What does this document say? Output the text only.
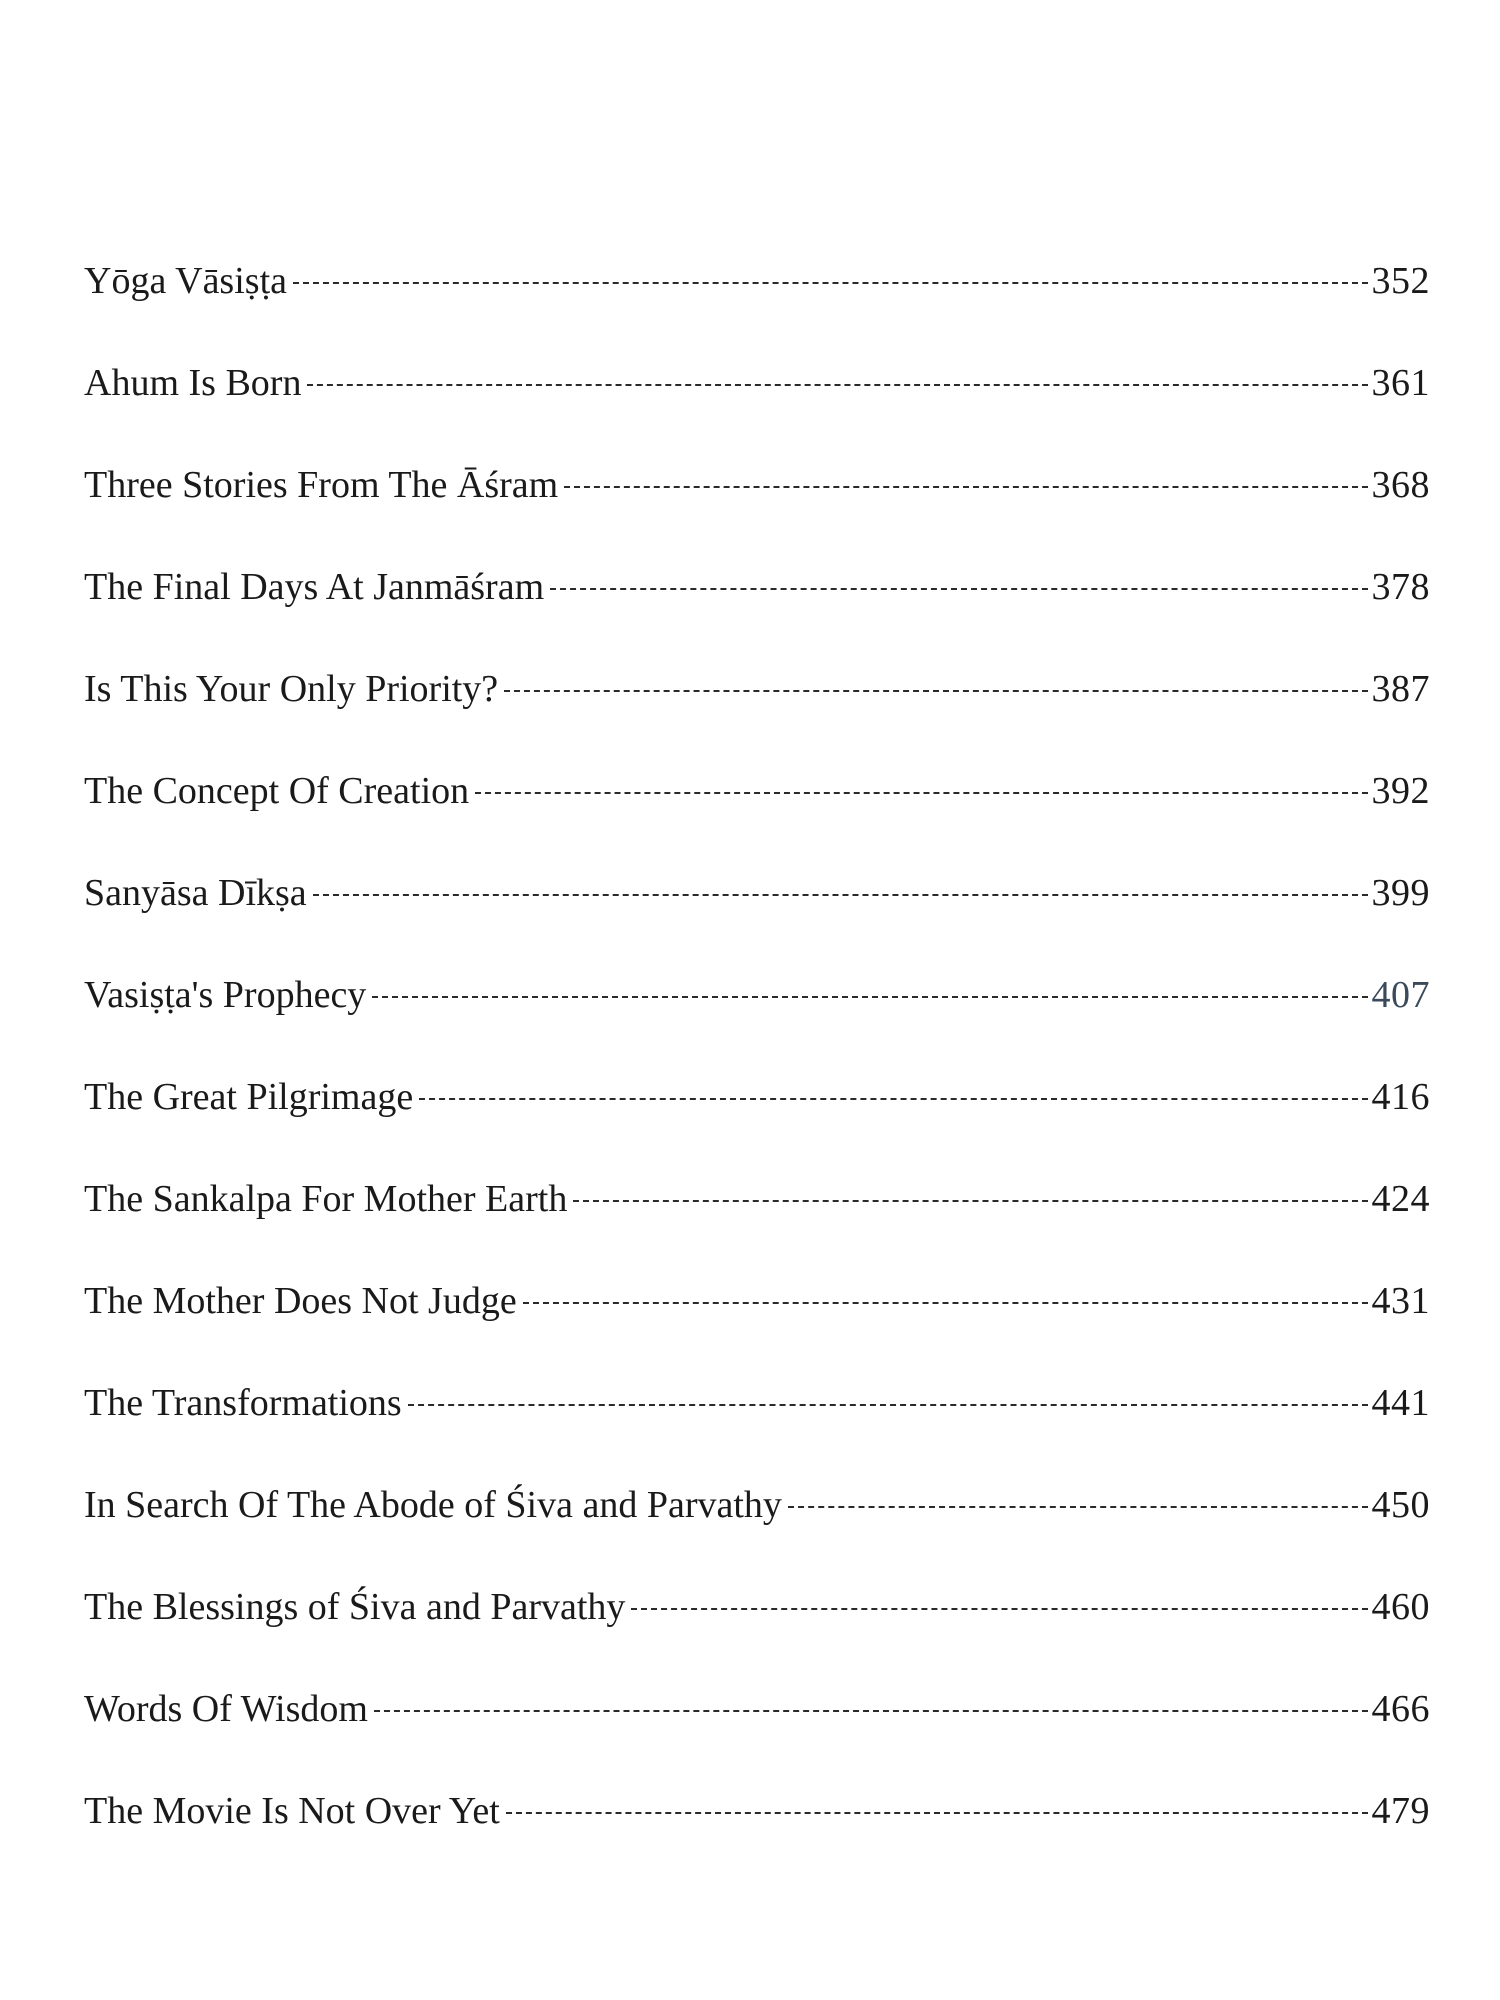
Yōga Vāsiṣṭa	352
Ahum Is Born	361
Three Stories From The Āśram	368
The Final Days At Janmāśram	378
Is This Your Only Priority?	387
The Concept Of Creation	392
Sanyāsa Dīkṣa	399
Vasiṣṭa's Prophecy	407
The Great Pilgrimage	416
The Sankalpa For Mother Earth	424
The Mother Does Not Judge	431
The Transformations	441
In Search Of The Abode of Śiva and Parvathy	450
The Blessings of Śiva and Parvathy	460
Words Of Wisdom	466
The Movie Is Not Over Yet	479
